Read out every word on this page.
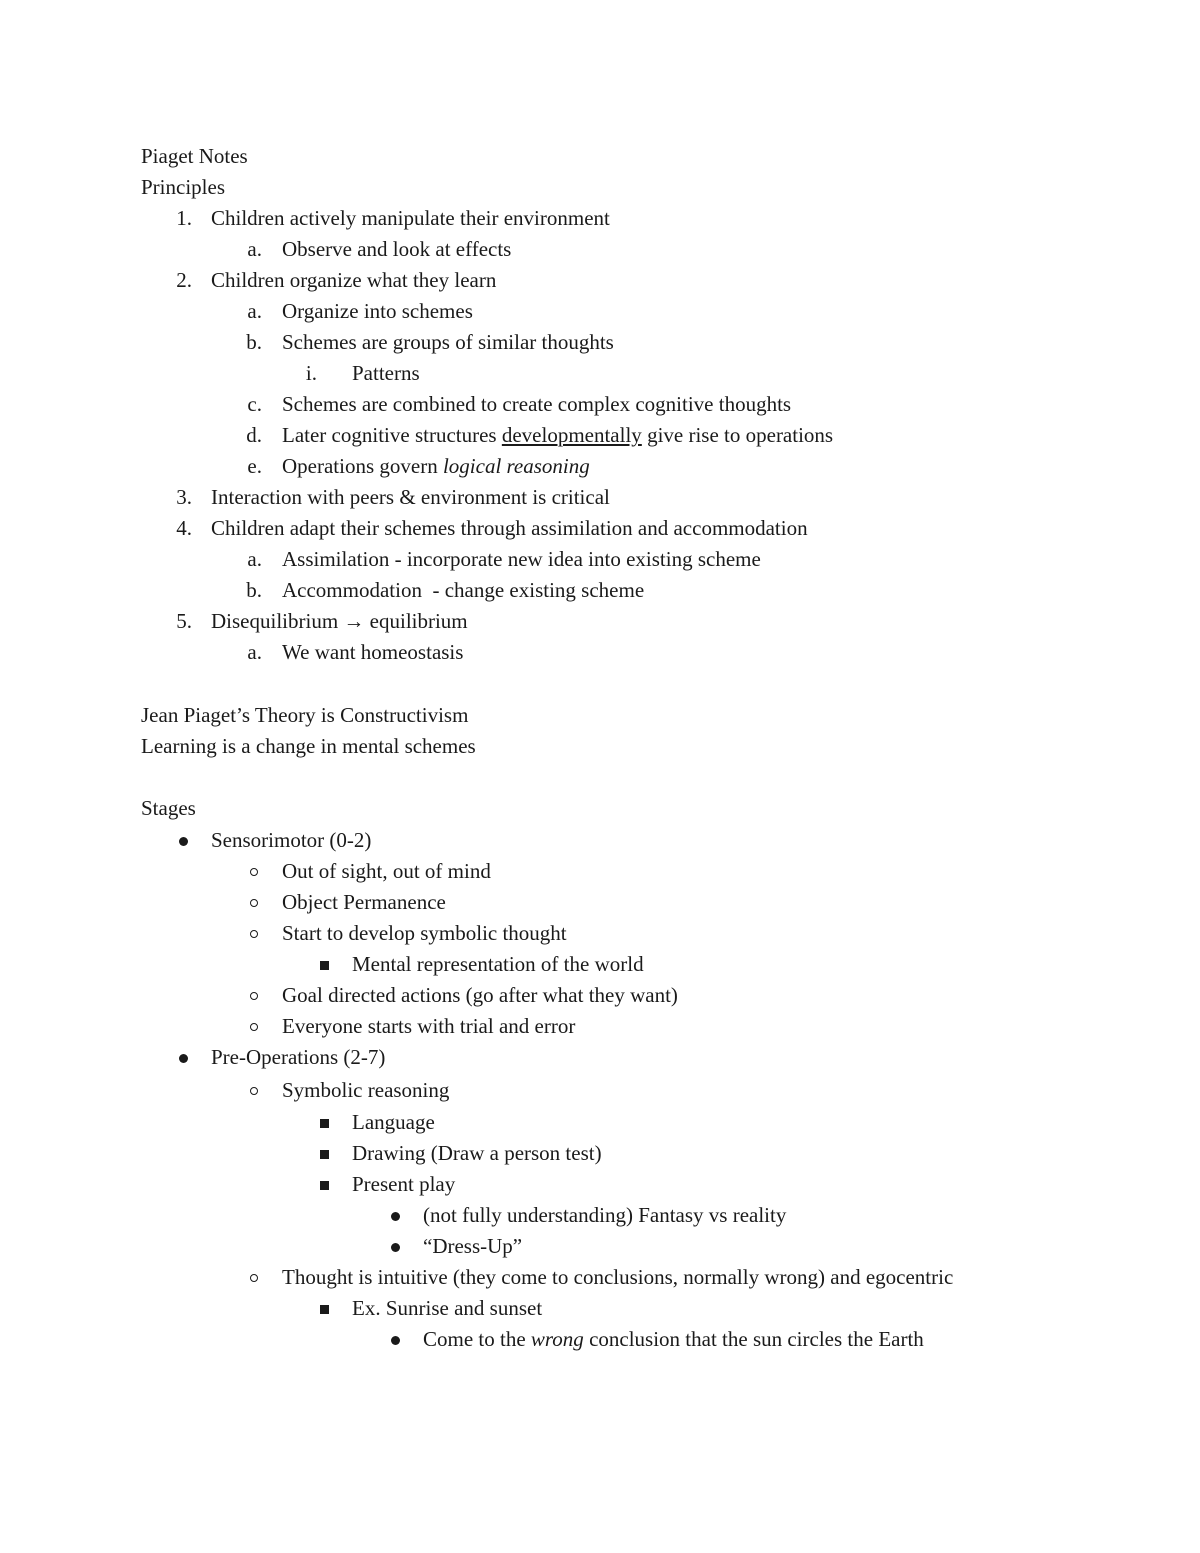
Piaget Notes
Principles
1. Children actively manipulate their environment
a. Observe and look at effects
2. Children organize what they learn
a. Organize into schemes
b. Schemes are groups of similar thoughts
i. Patterns
c. Schemes are combined to create complex cognitive thoughts
d. Later cognitive structures developmentally give rise to operations
e. Operations govern logical reasoning
3. Interaction with peers & environment is critical
4. Children adapt their schemes through assimilation and accommodation
a. Assimilation - incorporate new idea into existing scheme
b. Accommodation  - change existing scheme
5. Disequilibrium → equilibrium
a. We want homeostasis
Jean Piaget’s Theory is Constructivism
Learning is a change in mental schemes
Stages
Sensorimotor (0-2)
Out of sight, out of mind
Object Permanence
Start to develop symbolic thought
Mental representation of the world
Goal directed actions (go after what they want)
Everyone starts with trial and error
Pre-Operations (2-7)
Symbolic reasoning
Language
Drawing (Draw a person test)
Present play
(not fully understanding) Fantasy vs reality
“Dress-Up”
Thought is intuitive (they come to conclusions, normally wrong) and egocentric
Ex. Sunrise and sunset
Come to the wrong conclusion that the sun circles the Earth
